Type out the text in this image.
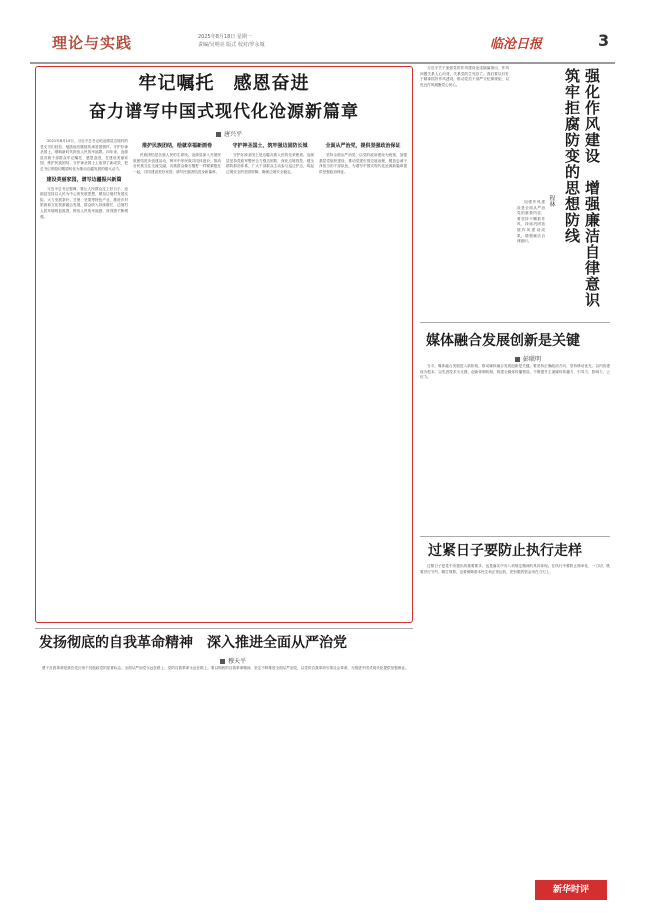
理论与实践	2025年8月18日 星期一
责编/吴明亮 版式 校对/罗永城	临沧日报	3
牢记嘱托　感恩奋进
奋力谱写中国式现代化沧源新篇章
唐兴平

2021年8月19日，习近平总书记给沧源县边境村的老支书们回信，勉励他们继续传承爱国情怀，守护好神圣国土，唱响新时代阿佤人民的幸福歌。四年来，沧源县各族干部群众牢记嘱托、感恩奋进，在建设美丽家园、维护民族团结、守护神圣国土上取得了新成效，把总书记的殷切期望转化为推动边疆发展的强大动力。

建设美丽家园，谱写边疆振兴新篇

习近平总书记强调，要让人民群众过上好日子。沧源县坚持以人民为中心的发展思想，紧扣边境村发展实际，大力发展茶叶、甘蔗、坚果等特色产业，推进乡村旅游和文化旅游融合发展，群众收入持续增长，边境村人居环境明显改善，阿佤人民的幸福感、获得感不断增强。

推护民族团结，绘就幸福新画卷

民族团结是各族人民的生命线。沧源县深入开展民族团结进步创建活动，铸牢中华民族共同体意识，推动各民族交往交流交融，各族群众像石榴籽一样紧紧抱在一起，共同建设美好家园，谱写民族团结进步新篇章。

守护神圣国土，筑牢强边固防长城

守护好神圣国土是边疆各族人民的光荣使命。沧源县坚持党政军警民合力强边固防，深化边境管控，健全群防群治体系，广大干部群众主动参与巡边护边，筑起边境安全的坚固屏障，确保边境安全稳定。

全面从严治党，提供坚强政治保证

坚持全面从严治党，以党的政治建设为统领，加强基层党组织建设，推动党建引领边境治理，锻造忠诚干净担当的干部队伍，为谱写中国式现代化沧源新篇章提供坚强政治保证。

习近平关于加强党的作风建设论述摘编指出，作风问题关系人心向背，关系党的生死存亡。我们要以钉钉子精神抓好作风建设，推动党员干部严守纪律规矩，以优良作风凝聚党心民心。	强化作风建设
筑牢拒腐防变的思想防线 增强廉洁自律意识
程林

加强作风建设是全面从严治党的重要内容，要坚持不懈抓作风，持续巩固拓展作风建设成果，增强廉洁自律意识。

媒体融合发展创新是关键
彭联明

当今，媒体融合发展进入新阶段，推动媒体融合发展创新是关键。要坚持正确政治方向，坚持移动优先，以内容建设为根本，以先进技术为支撑，创新体制机制，构建全媒体传播格局，不断提升主流媒体传播力、引导力、影响力、公信力。

过紧日子要防止执行走样

过紧日子是党中央提出的重要要求，也是落实中央八项规定精神的具体体现。在执行中要防止简单化、一刀切，既要厉行节约、精打细算，也要保障基本民生和正常运转，把有限的资金用在刀刃上。

发扬彻底的自我革命精神　深入推进全面从严治党
穆天平

勇于自我革命是我们党区别于其他政党的显著标志。全面从严治党永远在路上，党的自我革命永远在路上。要以彻底的自我革命精神，坚定不移推进全面从严治党，以党的自我革命引领社会革命，为推进中国式现代化提供坚强保证。

新华时评
